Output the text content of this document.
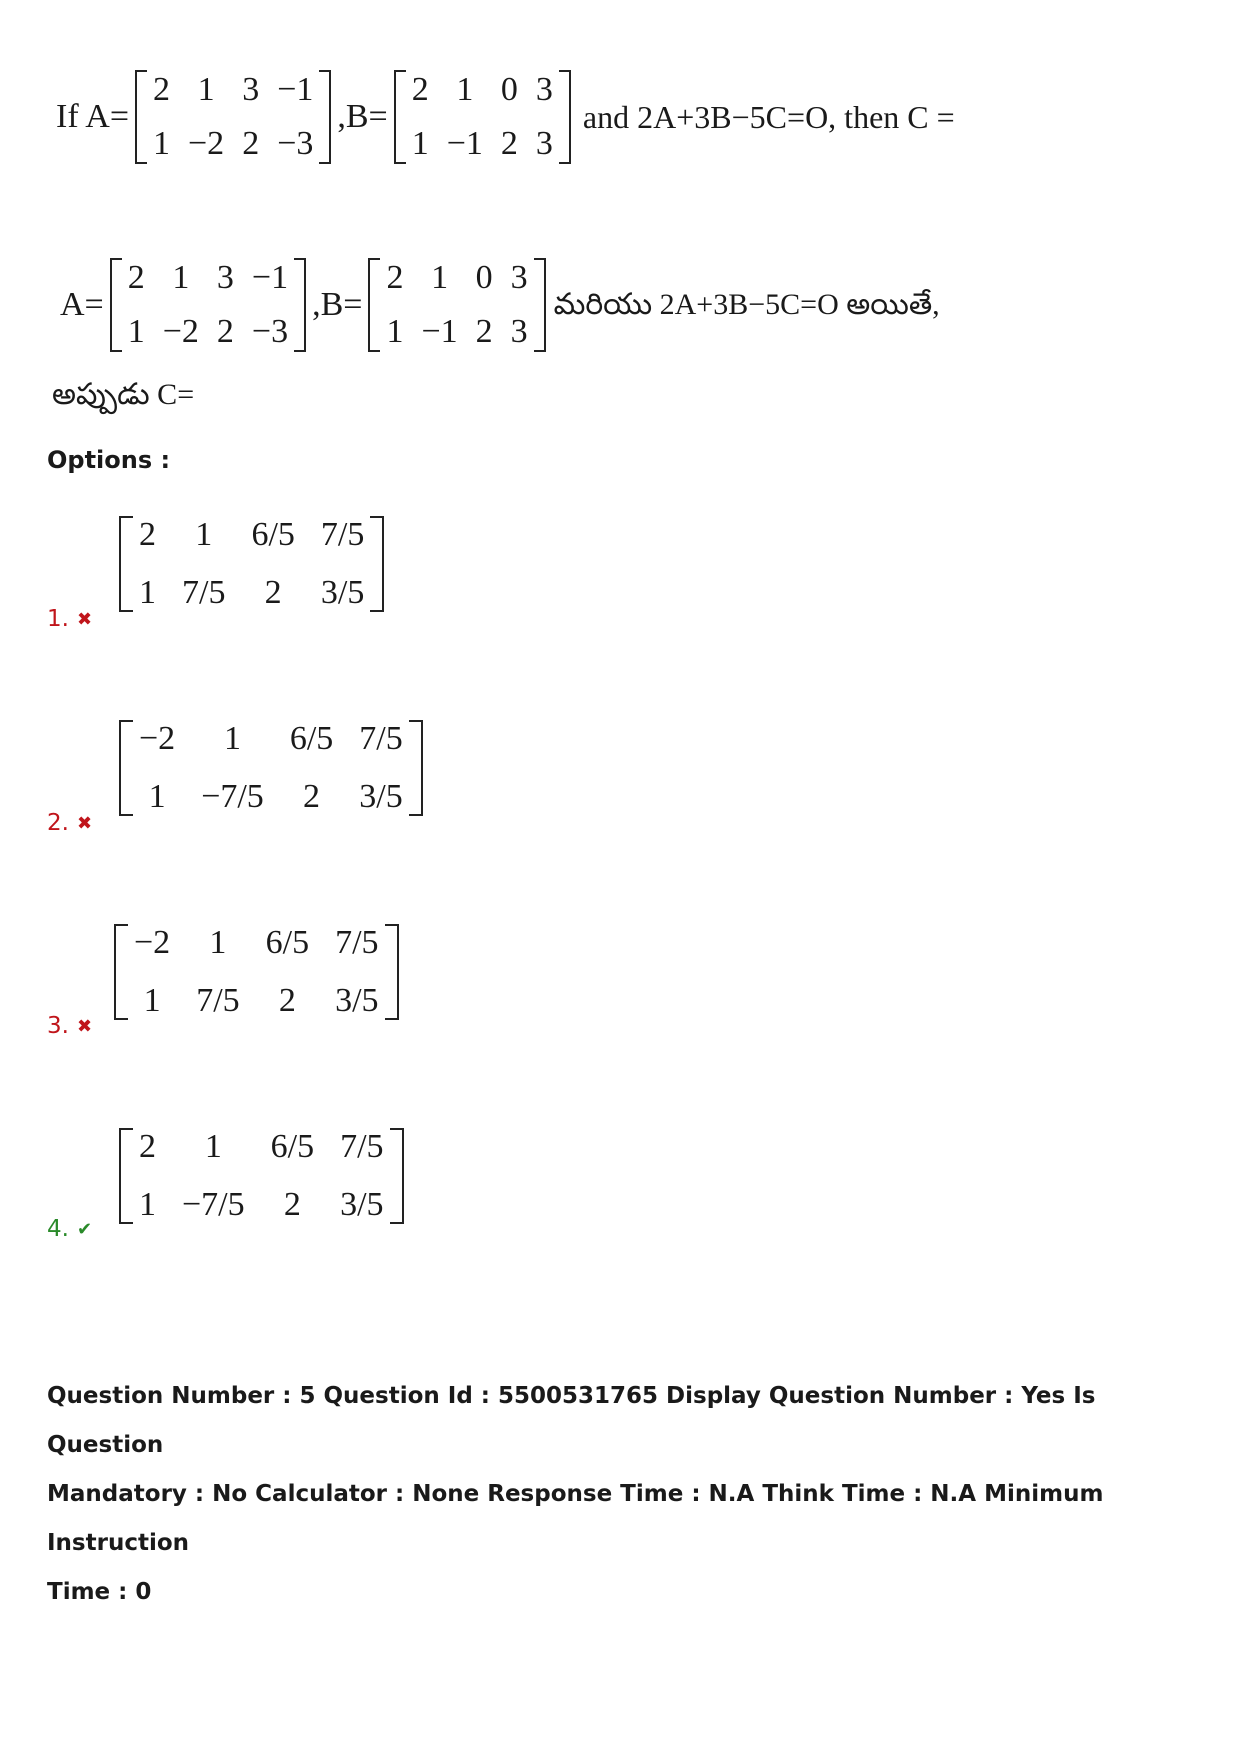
If A=
2 1 3 −1
1 −2 2 −3
,B=
2 1 0 3
1 −1 2 3
and 2A+3B−5C=O, then C =
A=
2 1 3 −1
1 −2 2 −3
,B=
2 1 0 3
1 −1 2 3
మరియు 2A+3B−5C=O అయితే,
అప్పుడు C=
Options :
1. ✖
2	1	6/5 7/5
1 7/5	2	3/5
2. ✖
−2	1	6/5 7/5
1 −7/5	2	3/5
3. ✖
−2	1	6/5 7/5
1 7/5	2	3/5
4. ✔
2	1	6/5 7/5
1 −7/5	2	3/5
Question Number : 5 Question Id : 5500531765 Display Question Number : Yes Is Question
Mandatory : No Calculator : None Response Time : N.A Think Time : N.A Minimum Instruction
Time : 0
